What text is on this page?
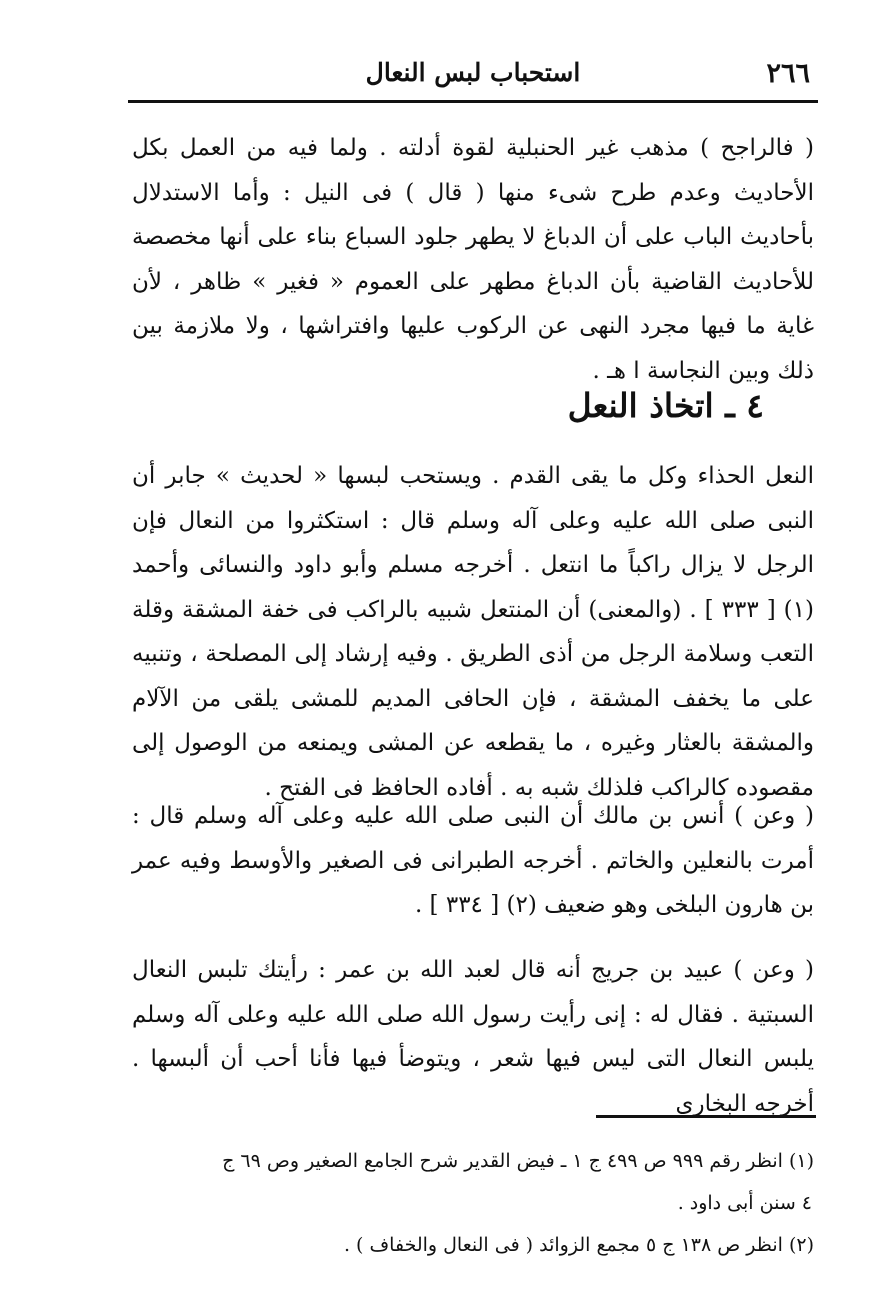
٢٦٦
استحباب لبس النعال
( فالراجح ) مذهب غير الحنبلية لقوة أدلته . ولما فيه من العمل بكل الأحاديث وعدم طرح شىء منها ( قال ) فى النيل : وأما الاستدلال بأحاديث الباب على أن الدباغ لا يطهر جلود السباع بناء على أنها مخصصة للأحاديث القاضية بأن الدباغ مطهر على العموم « فغير » ظاهر ، لأن غاية ما فيها مجرد النهى عن الركوب عليها وافتراشها ، ولا ملازمة بين ذلك وبين النجاسة ا هـ .
٤ ـ اتخاذ النعل
النعل الحذاء وكل ما يقى القدم . ويستحب لبسها « لحديث » جابر أن النبى صلى الله عليه وعلى آله وسلم قال : استكثروا من النعال فإن الرجل لا يزال راكباً ما انتعل . أخرجه مسلم وأبو داود والنسائى وأحمد (١) [ ٣٣٣ ] . (والمعنى) أن المنتعل شبيه بالراكب فى خفة المشقة وقلة التعب وسلامة الرجل من أذى الطريق . وفيه إرشاد إلى المصلحة ، وتنبيه على ما يخفف المشقة ، فإن الحافى المديم للمشى يلقى من الآلام والمشقة بالعثار وغيره ، ما يقطعه عن المشى ويمنعه من الوصول إلى مقصوده كالراكب فلذلك شبه به . أفاده الحافظ فى الفتح .
( وعن ) أنس بن مالك أن النبى صلى الله عليه وعلى آله وسلم قال : أمرت بالنعلين والخاتم . أخرجه الطبرانى فى الصغير والأوسط وفيه عمر بن هارون البلخى وهو ضعيف (٢) [ ٣٣٤ ] .
( وعن ) عبيد بن جريج أنه قال لعبد الله بن عمر : رأيتك تلبس النعال السبتية . فقال له : إنى رأيت رسول الله صلى الله عليه وعلى آله وسلم يلبس النعال التى ليس فيها شعر ، ويتوضأ فيها فأنا أحب أن ألبسها . أخرجه البخارى
(١) انظر رقم ٩٩٩ ص ٤٩٩ ج ١ ـ فيض القدير شرح الجامع الصغير وص ٦٩ ج
٤ سنن أبى داود .
(٢) انظر ص ١٣٨ ج ٥ مجمع الزوائد ( فى النعال والخفاف ) .
